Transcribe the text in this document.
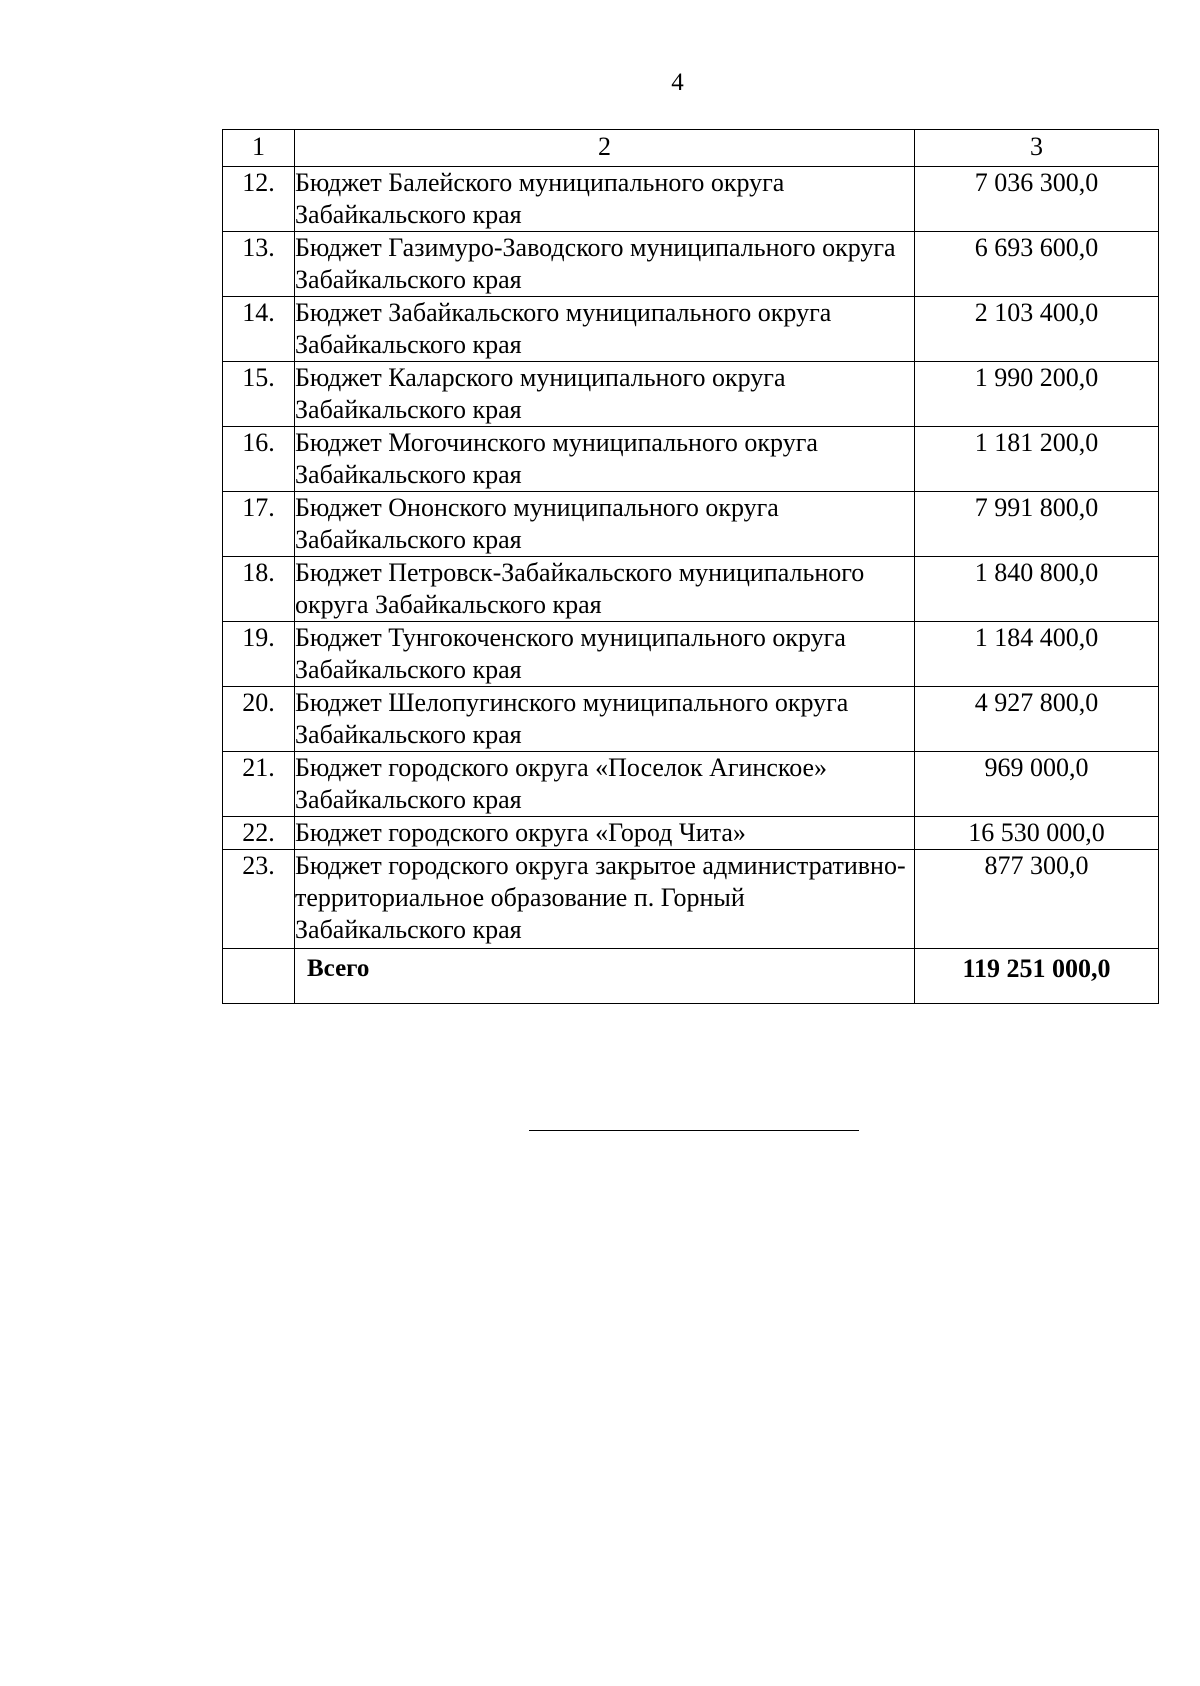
4
1	2	3
12.	Бюджет Балейского муниципального округа Забайкальского края	7 036 300,0
13.	Бюджет Газимуро-Заводского муниципального округа Забайкальского края	6 693 600,0
14.	Бюджет Забайкальского муниципального округа Забайкальского края	2 103 400,0
15.	Бюджет Каларского муниципального округа Забайкальского края	1 990 200,0
16.	Бюджет Могочинского муниципального округа Забайкальского края	1 181 200,0
17.	Бюджет Ононского муниципального округа Забайкальского края	7 991 800,0
18.	Бюджет Петровск-Забайкальского муниципального округа Забайкальского края	1 840 800,0
19.	Бюджет Тунгокоченского муниципального округа Забайкальского края	1 184 400,0
20.	Бюджет Шелопугинского муниципального округа Забайкальского края	4 927 800,0
21.	Бюджет городского округа «Поселок Агинское» Забайкальского края	969 000,0
22.	Бюджет городского округа «Город Чита»	16 530 000,0
23.	Бюджет городского округа закрытое административно-территориальное образование п. Горный Забайкальского края	877 300,0
	Всего	119 251 000,0
